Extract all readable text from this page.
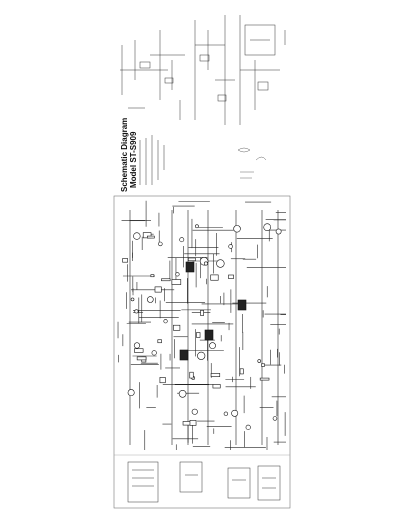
Schematic Diagram Model ST-S909
